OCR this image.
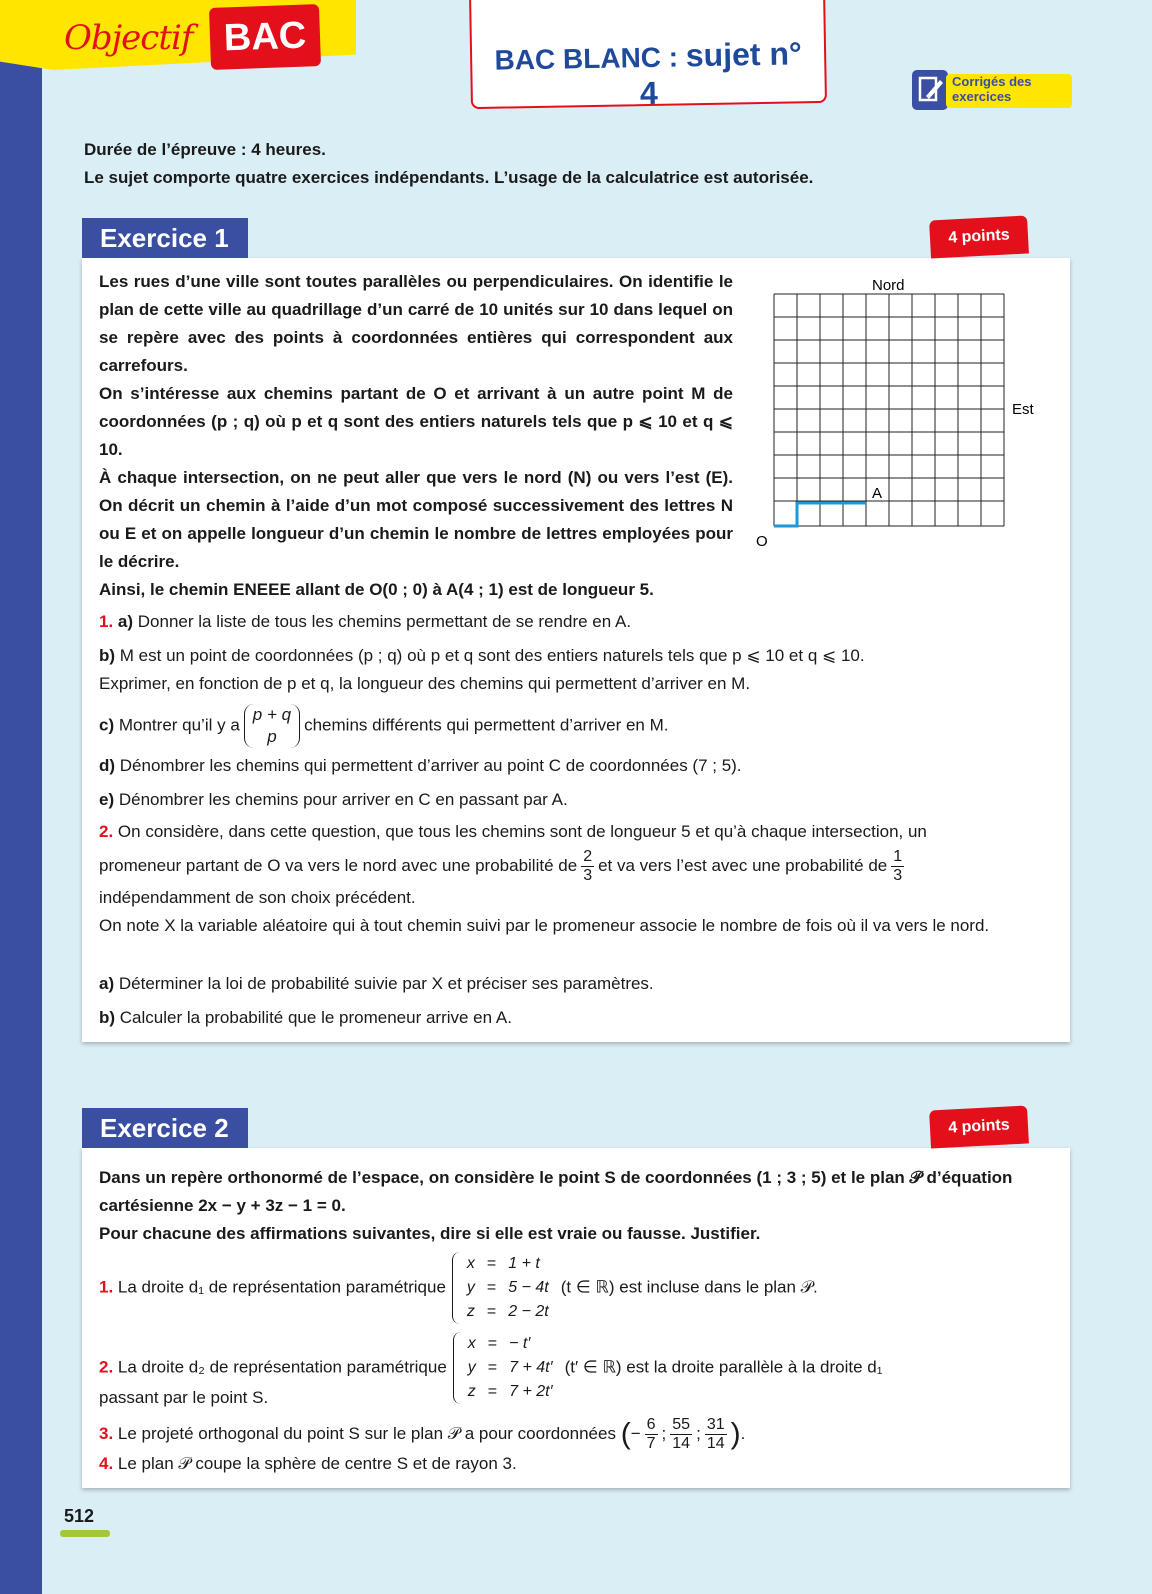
Objectif BAC	BAC BLANC : sujet n° 4	Corrigés des exercices
Durée de l’épreuve : 4 heures.
Le sujet comporte quatre exercices indépendants. L’usage de la calculatrice est autorisée.

Les rues d’une ville sont toutes parallèles ou perpendiculaires. On identifie le plan de cette ville au quadrillage d’un carré de 10 unités sur 10 dans lequel on se repère avec des points à coordonnées entières qui correspondent aux carrefours.

On s’intéresse aux chemins partant de O et arrivant à un autre point M de coordonnées (p ; q) où p et q sont des entiers naturels tels que p ⩽ 10 et q ⩽ 10.

À chaque intersection, on ne peut aller que vers le nord (N) ou vers l’est (E). On décrit un chemin à l’aide d’un mot composé successivement des lettres N ou E et on appelle longueur d’un chemin le nombre de lettres employées pour le décrire.

Ainsi, le chemin ENEEE allant de O(0 ; 0) à A(4 ; 1) est de longueur 5.
Nord
Est
A
O
1. a) Donner la liste de tous les chemins permettant de se rendre en A.
b) M est un point de coordonnées (p ; q) où p et q sont des entiers naturels tels que p ⩽ 10 et q ⩽ 10.
Exprimer, en fonction de p et q, la longueur des chemins qui permettent d’arriver en M.
c) Montrer qu’il y a
p + q
p
chemins différents qui permettent d’arriver en M.
d) Dénombrer les chemins qui permettent d’arriver au point C de coordonnées (7 ; 5).
e) Dénombrer les chemins pour arriver en C en passant par A.
2. On considère, dans cette question, que tous les chemins sont de longueur 5 et qu’à chaque intersection, un
promeneur partant de O va vers le nord avec une probabilité de $\frac{2}{3}$ et va vers l’est avec une probabilité de $\frac{1}{3}$
indépendamment de son choix précédent.
On note X la variable aléatoire qui à tout chemin suivi par le promeneur associe le nombre de fois où il va vers le nord.
a) Déterminer la loi de probabilité suivie par X et préciser ses paramètres.
b) Calculer la probabilité que le promeneur arrive en A.
Exercice 1	4 points
Dans un repère orthonormé de l’espace, on considère le point S de coordonnées (1 ; 3 ; 5) et le plan 𝒫 d’équation cartésienne 2x − y + 3z − 1 = 0.
Pour chacune des affirmations suivantes, dire si elle est vraie ou fausse. Justifier.
1. La droite d₁ de représentation paramétrique
x	=	1 + t
y	=	5 − 4t
z	=	2 − 2t
(t ∈ ℝ) est incluse dans le plan 𝒫.
2. La droite d₂ de représentation paramétrique
x	=	− t′
y	=	7 + 4t′
z	=	7 + 2t′
(t′ ∈ ℝ) est la droite parallèle à la droite d₁
passant par le point S.
3. Le projeté orthogonal du point S sur le plan 𝒫 a pour coordonnées (− $\frac{6}{7}$ ; $\frac{55}{14}$ ; $\frac{31}{14}$ ).
4. Le plan 𝒫 coupe la sphère de centre S et de rayon 3.
Exercice 2	4 points
512
